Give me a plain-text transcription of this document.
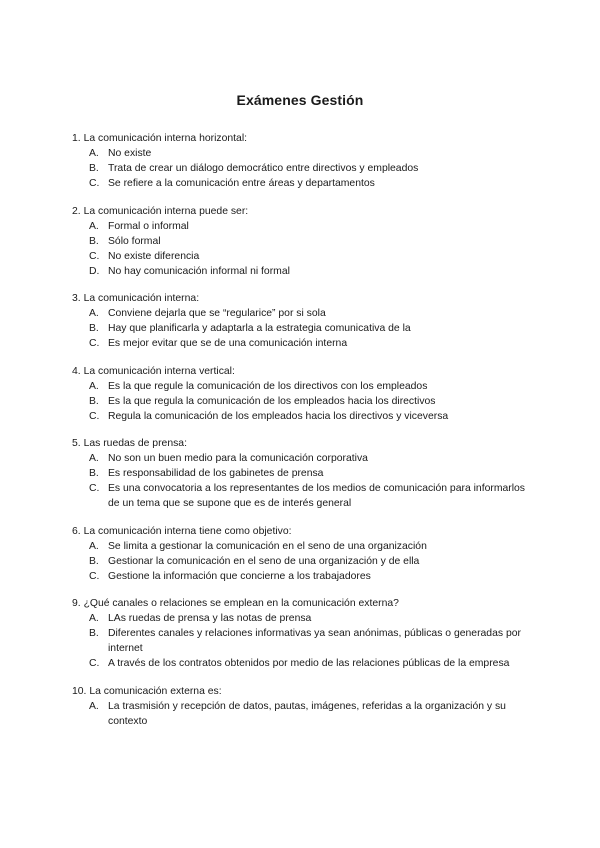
Exámenes Gestión
1. La comunicación interna horizontal:
A. No existe
B. Trata de crear un diálogo democrático entre directivos y empleados
C. Se refiere a la comunicación entre áreas y departamentos
2. La comunicación interna puede ser:
A. Formal o informal
B. Sólo formal
C. No existe diferencia
D. No hay comunicación informal ni formal
3. La comunicación interna:
A. Conviene dejarla que se “regularice” por si sola
B. Hay que planificarla y adaptarla a la estrategia comunicativa de la
C. Es mejor evitar que se de una comunicación interna
4. La comunicación interna vertical:
A. Es la que regule la comunicación de los directivos con los empleados
B. Es la que regula la comunicación de los empleados hacia los directivos
C. Regula la comunicación de los empleados hacia los directivos y viceversa
5. Las ruedas de prensa:
A. No son un buen medio para la comunicación corporativa
B. Es responsabilidad de los gabinetes de prensa
C. Es una convocatoria a los representantes de los medios de comunicación para informarlos de un tema que se supone que es de interés general
6. La comunicación interna tiene como objetivo:
A. Se limita a gestionar la comunicación en el seno de una organización
B. Gestionar la comunicación en el seno de una organización y de ella
C. Gestione la información que concierne a los trabajadores
9. ¿Qué canales o relaciones se emplean en la comunicación externa?
A. LAs ruedas de prensa y las notas de prensa
B. Diferentes canales y relaciones informativas ya sean anónimas, públicas o generadas por internet
C. A través de los contratos obtenidos por medio de las relaciones públicas de la empresa
10. La comunicación externa es:
A. La trasmisión y recepción de datos, pautas, imágenes, referidas a la organización y su contexto
